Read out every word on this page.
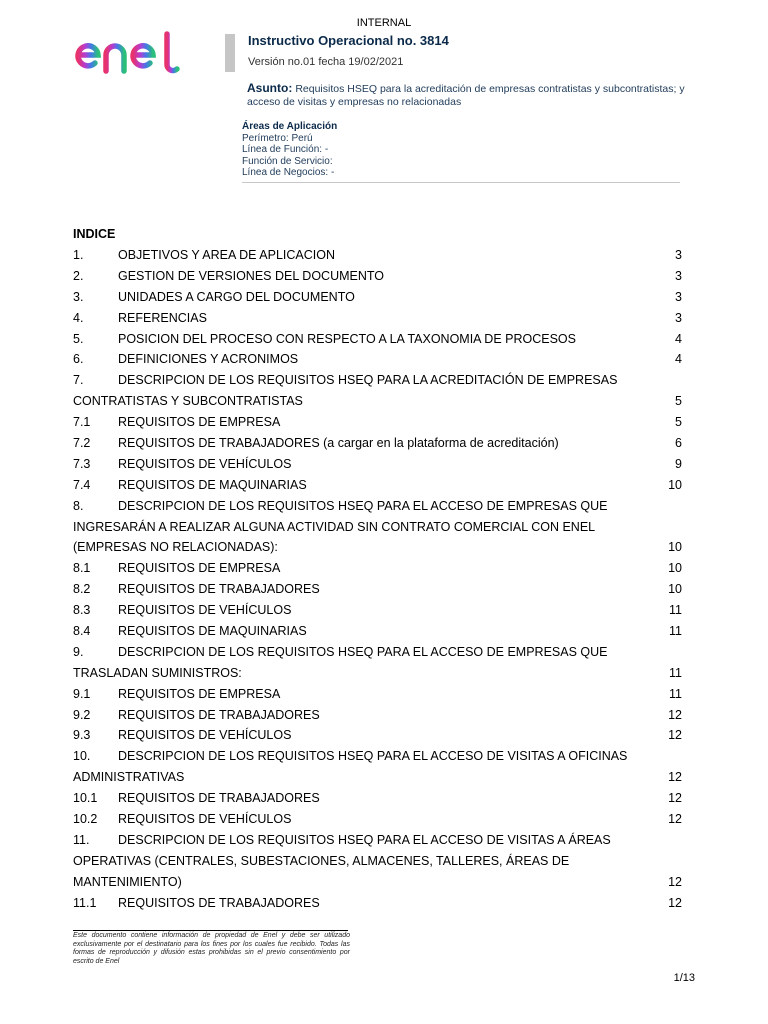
INTERNAL
Instructivo Operacional no. 3814
Versión no.01 fecha 19/02/2021
Asunto: Requisitos HSEQ para la acreditación de empresas contratistas y subcontratistas; y acceso de visitas y empresas no relacionadas
Áreas de Aplicación
Perímetro: Perú
Línea de Función: -
Función de Servicio:
Línea de Negocios: -
INDICE
1.	OBJETIVOS Y AREA DE APLICACION	3
2.	GESTION DE VERSIONES DEL DOCUMENTO	3
3.	UNIDADES A CARGO DEL DOCUMENTO	3
4.	REFERENCIAS	3
5.	POSICION DEL PROCESO CON RESPECTO A LA TAXONOMIA DE PROCESOS	4
6.	DEFINICIONES Y ACRONIMOS	4
7.	DESCRIPCION DE LOS REQUISITOS HSEQ PARA LA ACREDITACIÓN DE EMPRESAS
CONTRATISTAS Y SUBCONTRATISTAS	5
7.1 REQUISITOS DE EMPRESA	5
7.2 REQUISITOS DE TRABAJADORES (a cargar en la plataforma de acreditación)	6
7.3 REQUISITOS DE VEHÍCULOS	9
7.4 REQUISITOS DE MAQUINARIAS	10
8.	DESCRIPCION DE LOS REQUISITOS HSEQ PARA EL ACCESO DE EMPRESAS QUE
INGRESARÁN A REALIZAR ALGUNA ACTIVIDAD SIN CONTRATO COMERCIAL CON ENEL
(EMPRESAS NO RELACIONADAS):	10
8.1 REQUISITOS DE EMPRESA	10
8.2 REQUISITOS DE TRABAJADORES	10
8.3 REQUISITOS DE VEHÍCULOS	11
8.4 REQUISITOS DE MAQUINARIAS	11
9.	DESCRIPCION DE LOS REQUISITOS HSEQ PARA EL ACCESO DE EMPRESAS QUE
TRASLADAN SUMINISTROS:	11
9.1 REQUISITOS DE EMPRESA	11
9.2 REQUISITOS DE TRABAJADORES	12
9.3 REQUISITOS DE VEHÍCULOS	12
10. DESCRIPCION DE LOS REQUISITOS HSEQ PARA EL ACCESO DE VISITAS A OFICINAS
ADMINISTRATIVAS	12
10.1 REQUISITOS DE TRABAJADORES	12
10.2 REQUISITOS DE VEHÍCULOS	12
11. DESCRIPCION DE LOS REQUISITOS HSEQ PARA EL ACCESO DE VISITAS A ÁREAS
OPERATIVAS (CENTRALES, SUBESTACIONES, ALMACENES, TALLERES, ÁREAS DE
MANTENIMIENTO)	12
11.1 REQUISITOS DE TRABAJADORES	12
Este documento contiene información de propiedad de Enel y debe ser utilizado exclusivamente por el destinatario para los fines por los cuales fue recibido. Todas las formas de reproducción y difusión estas prohibidas sin el previo consentimiento por escrito de Enel
1/13
